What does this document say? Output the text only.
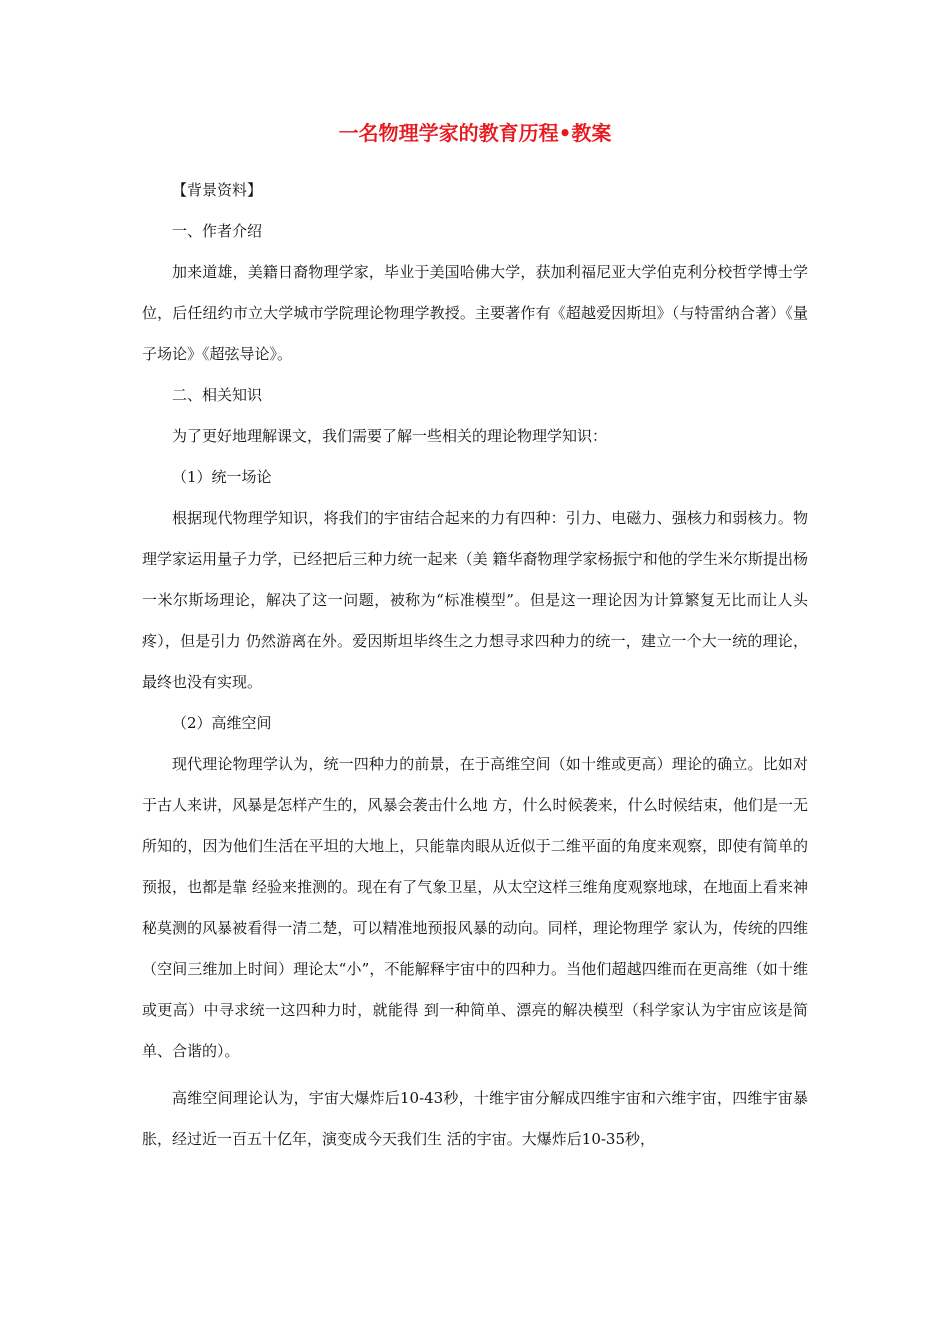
一名物理学家的教育历程•教案

【背景资料】

一、作者介绍

加来道雄，美籍日裔物理学家，毕业于美国哈佛大学，获加利福尼亚大学伯克利分校哲学博士学位，后任纽约市立大学城市学院理论物理学教授。主要著作有《超越爱因斯坦》（与特雷纳合著）《量子场论》《超弦导论》。

二、相关知识

为了更好地理解课文，我们需要了解一些相关的理论物理学知识：

（1）统一场论

根据现代物理学知识，将我们的宇宙结合起来的力有四种：引力、电磁力、强核力和弱核力。物理学家运用量子力学，已经把后三种力统一起来（美 籍华裔物理学家杨振宁和他的学生米尔斯提出杨一米尔斯场理论，解决了这一问题，被称为“标准模型”。但是这一理论因为计算繁复无比而让人头疼），但是引力 仍然游离在外。爱因斯坦毕终生之力想寻求四种力的统一，建立一个大一统的理论，最终也没有实现。

（2）高维空间

现代理论物理学认为，统一四种力的前景，在于高维空间（如十维或更高）理论的确立。比如对于古人来讲，风暴是怎样产生的，风暴会袭击什么地 方，什么时候袭来，什么时候结束，他们是一无所知的，因为他们生活在平坦的大地上，只能靠肉眼从近似于二维平面的角度来观察，即使有简单的预报，也都是靠 经验来推测的。现在有了气象卫星，从太空这样三维角度观察地球，在地面上看来神秘莫测的风暴被看得一清二楚，可以精准地预报风暴的动向。同样，理论物理学 家认为，传统的四维（空间三维加上时间）理论太“小”，不能解释宇宙中的四种力。当他们超越四维而在更高维（如十维或更高）中寻求统一这四种力时，就能得 到一种简单、漂亮的解决模型（科学家认为宇宙应该是简单、合谐的）。

高维空间理论认为，宇宙大爆炸后10-43秒，十维宇宙分解成四维宇宙和六维宇宙，四维宇宙暴胀，经过近一百五十亿年，演变成今天我们生 活的宇宙。大爆炸后10-35秒，
